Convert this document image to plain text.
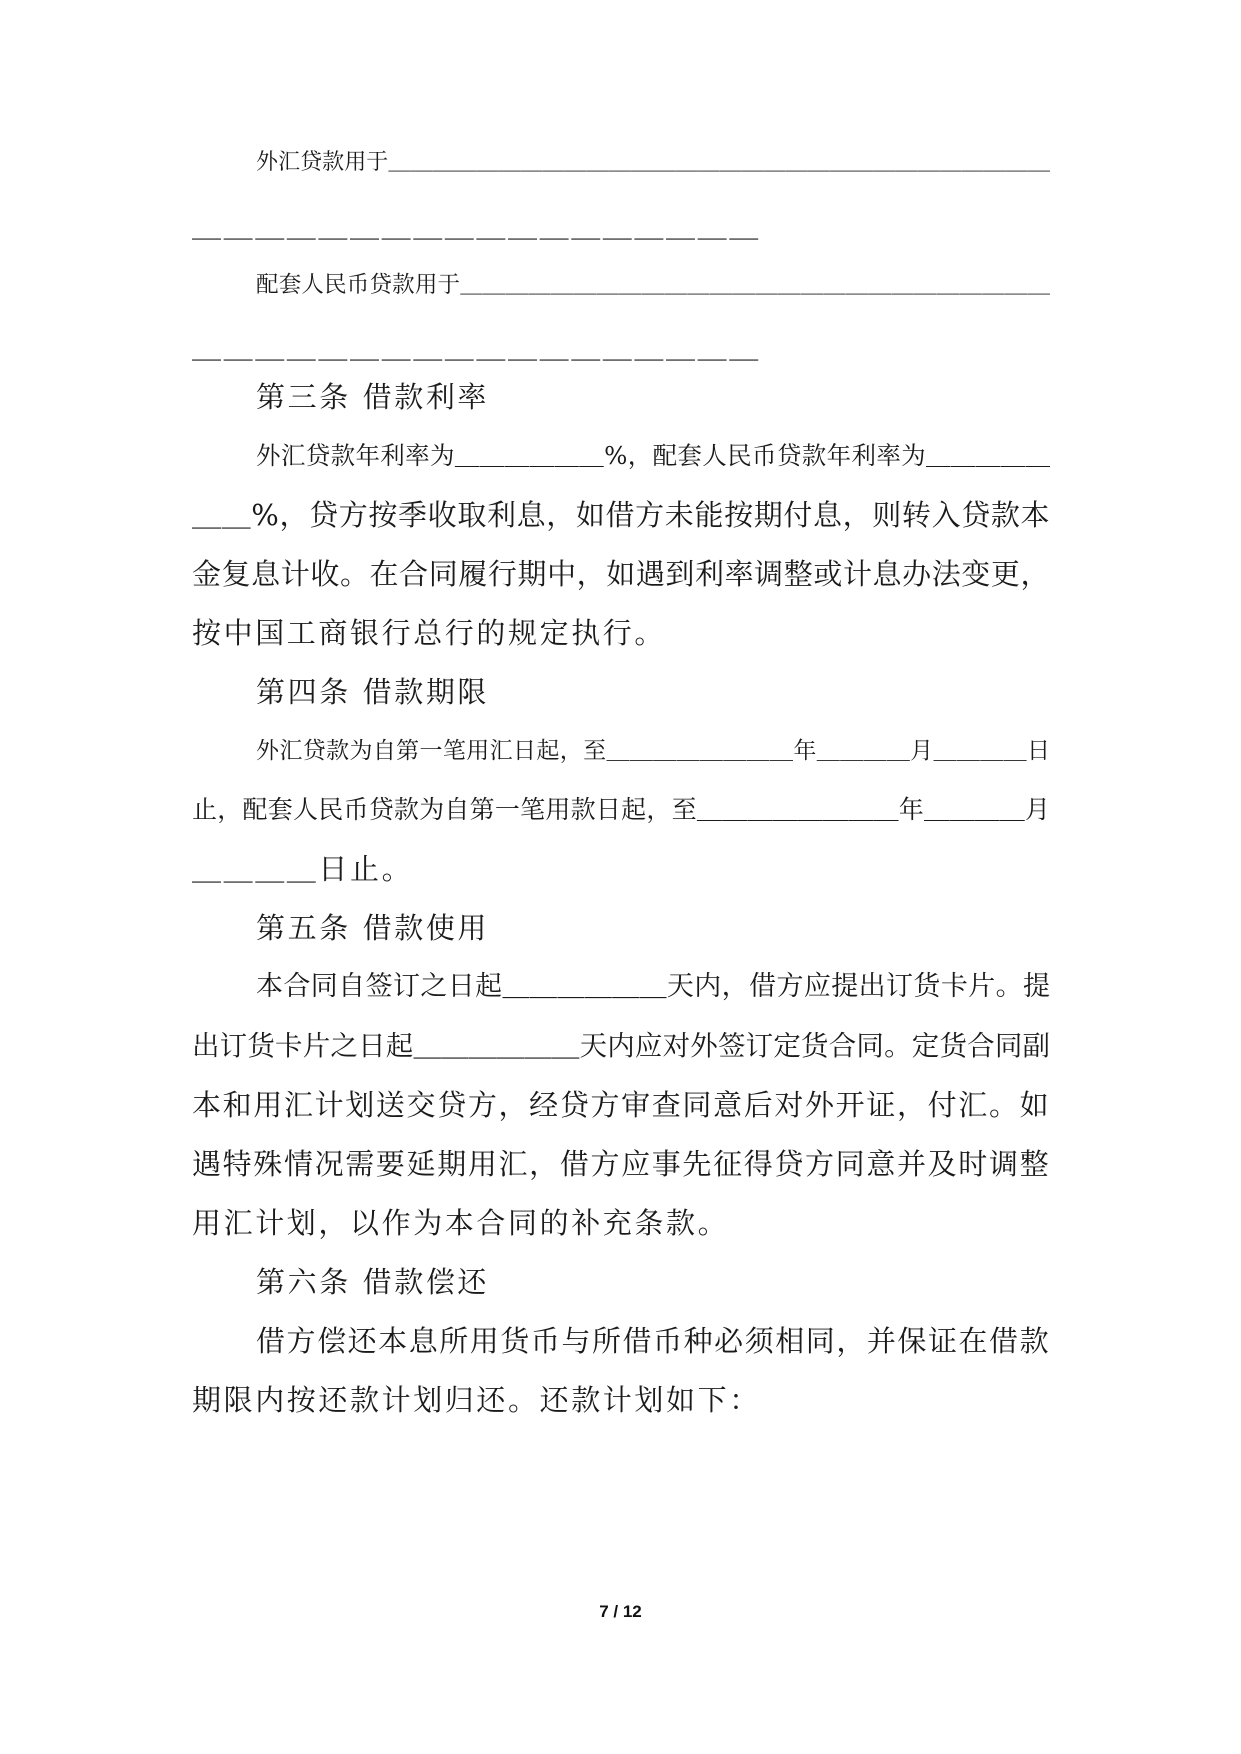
外汇贷款用于＿＿＿＿＿＿＿＿＿＿＿＿＿＿＿＿＿＿＿＿＿＿＿＿＿＿＿＿＿＿
＿＿＿＿＿＿＿＿＿＿＿＿＿＿＿＿＿＿
配套人民币贷款用于＿＿＿＿＿＿＿＿＿＿＿＿＿＿＿＿＿＿＿＿＿＿＿＿＿＿
＿＿＿＿＿＿＿＿＿＿＿＿＿＿＿＿＿＿
第三条 借款利率
外汇贷款年利率为＿＿＿＿＿＿%，配套人民币贷款年利率为＿＿＿＿＿
＿＿%，贷方按季收取利息，如借方未能按期付息，则转入贷款本
金复息计收。在合同履行期中，如遇到利率调整或计息办法变更，
按中国工商银行总行的规定执行。
第四条 借款期限
外汇贷款为自第一笔用汇日起，至＿＿＿＿＿＿＿＿年＿＿＿＿月＿＿＿＿日
止，配套人民币贷款为自第一笔用款日起，至＿＿＿＿＿＿＿＿年＿＿＿＿月
＿＿＿＿日止。
第五条 借款使用
本合同自签订之日起＿＿＿＿＿＿天内，借方应提出订货卡片。提
出订货卡片之日起＿＿＿＿＿＿天内应对外签订定货合同。定货合同副
本和用汇计划送交贷方，经贷方审查同意后对外开证，付汇。如
遇特殊情况需要延期用汇，借方应事先征得贷方同意并及时调整
用汇计划，以作为本合同的补充条款。
第六条 借款偿还
借方偿还本息所用货币与所借币种必须相同，并保证在借款
期限内按还款计划归还。还款计划如下：
7 / 12
